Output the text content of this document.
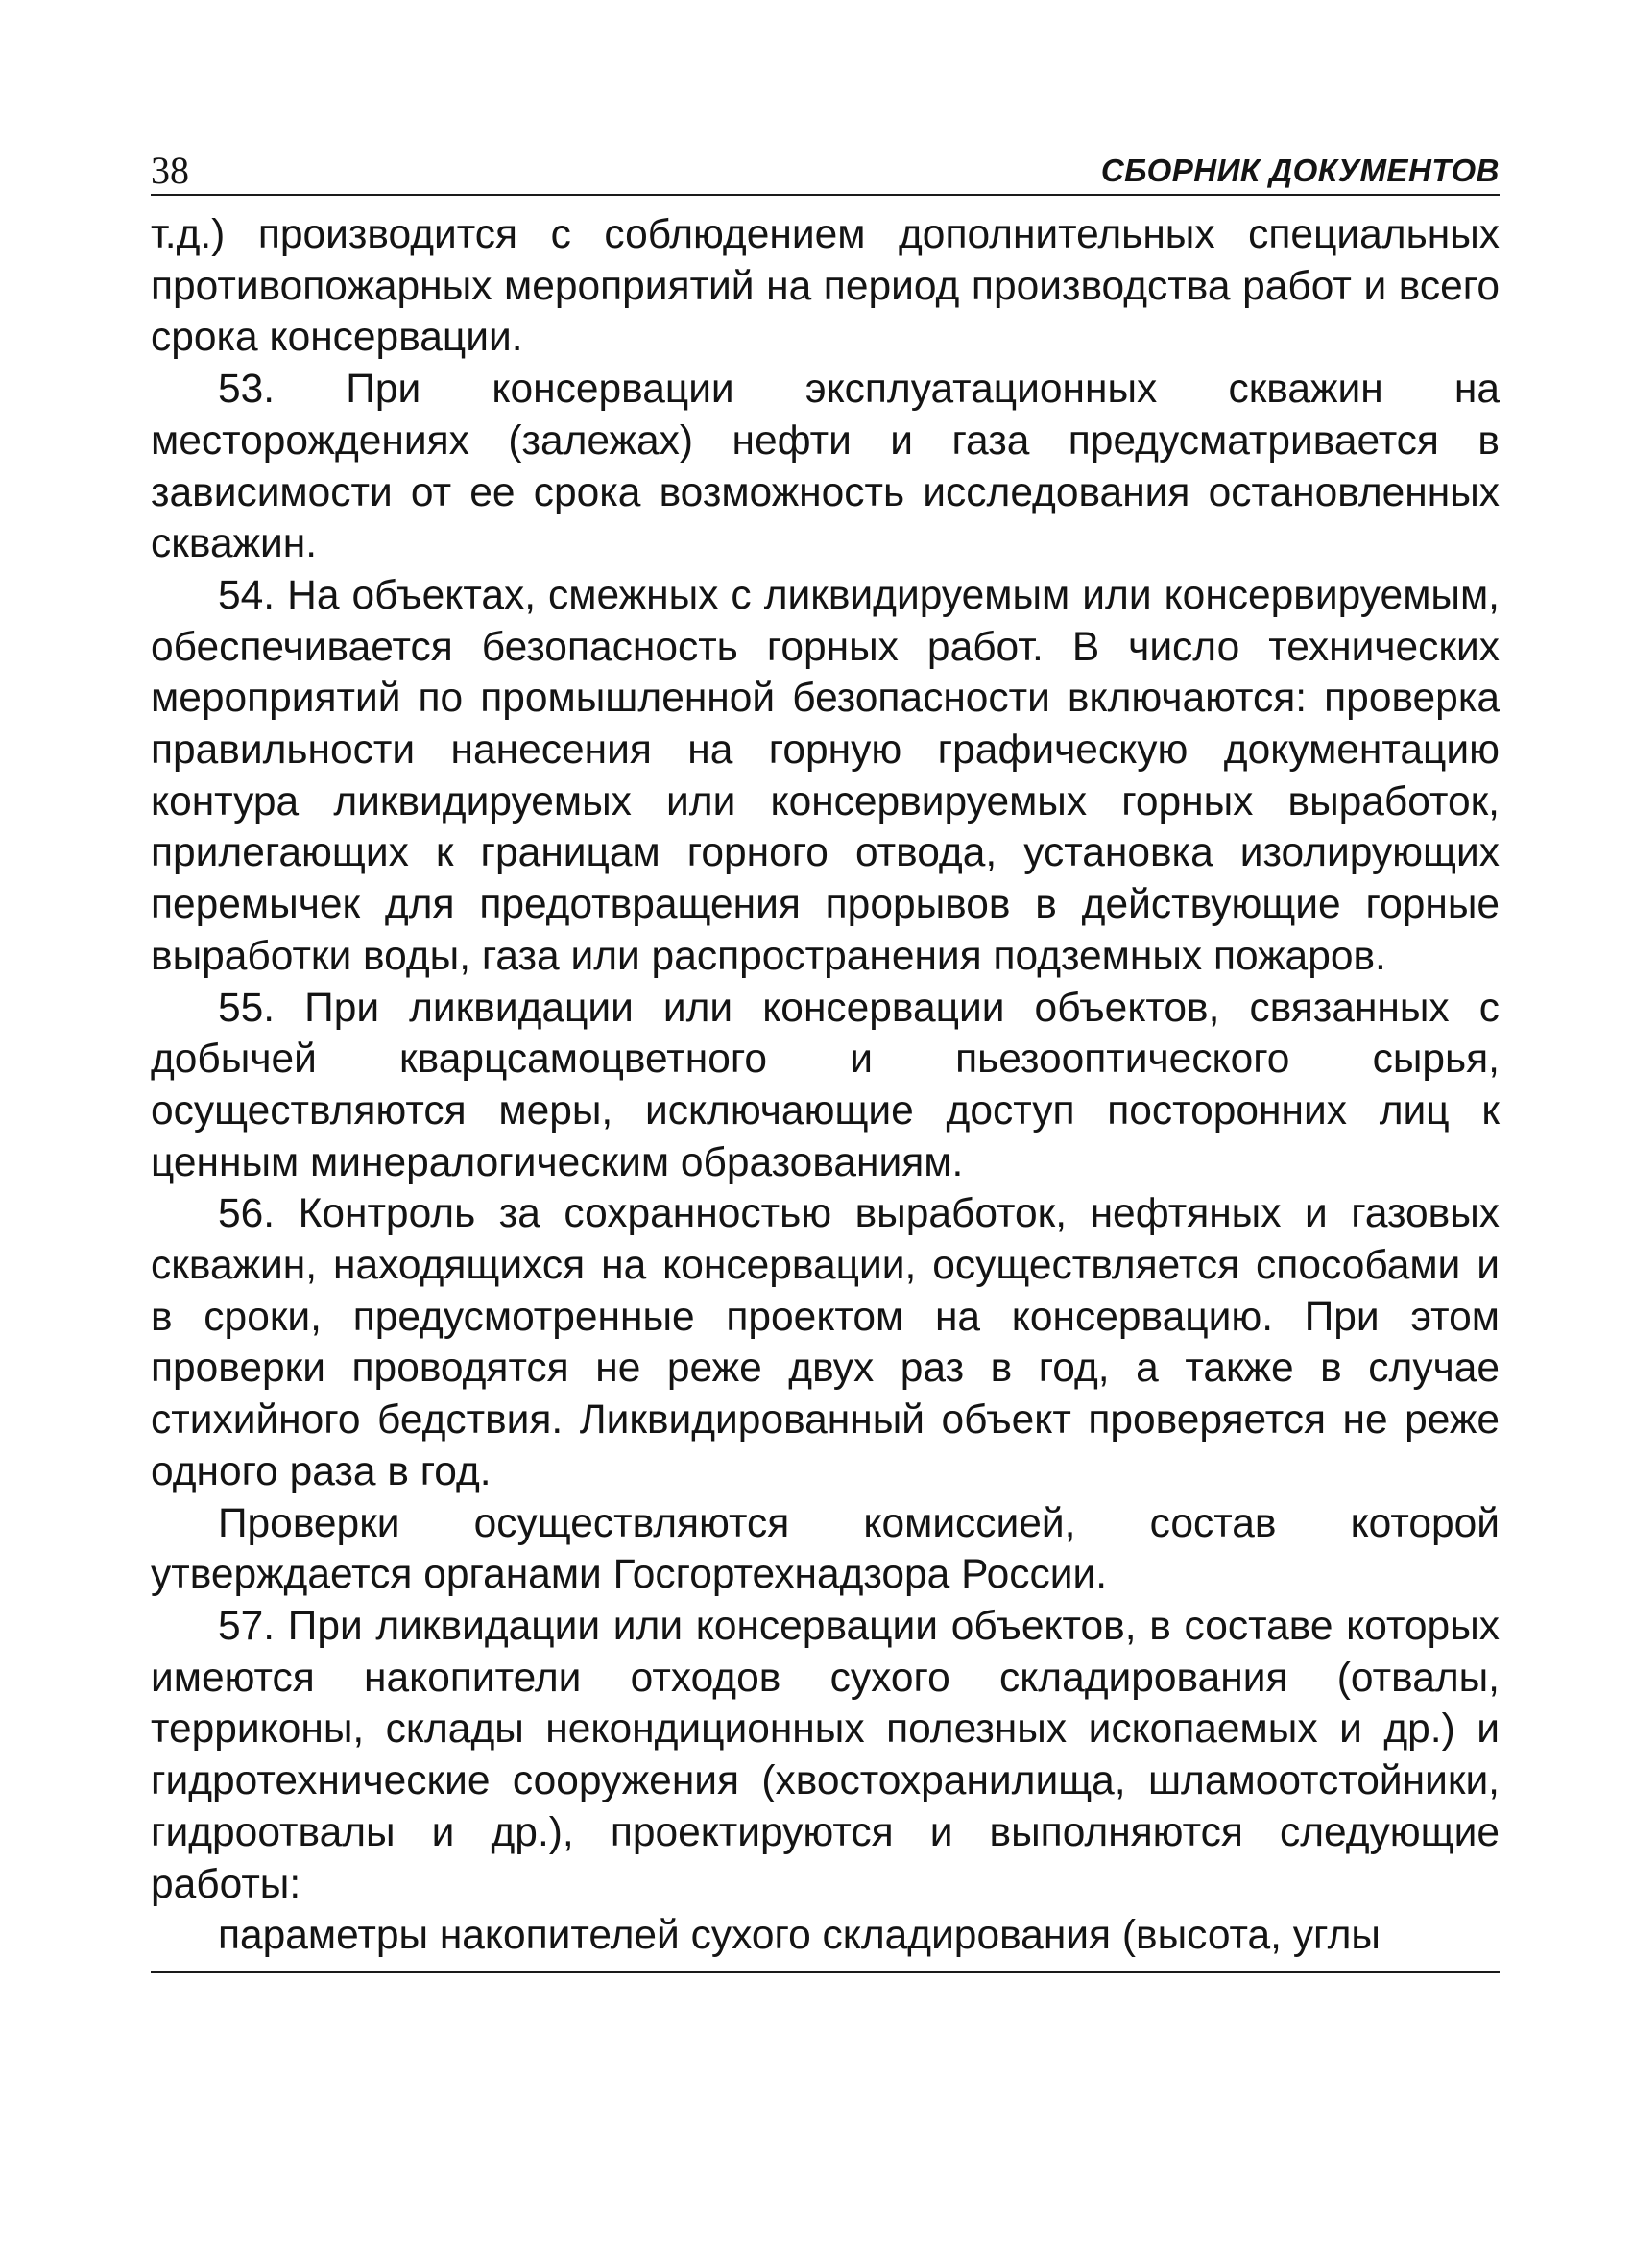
38	СБОРНИК ДОКУМЕНТОВ

т.д.) производится с соблюдением дополнительных специальных противопожарных мероприятий на период производства работ и всего срока консервации.

53. При консервации эксплуатационных скважин на месторождениях (залежах) нефти и газа предусматривается в зависимости от ее срока возможность исследования остановленных скважин.

54. На объектах, смежных с ликвидируемым или консервируемым, обеспечивается безопасность горных работ. В число технических мероприятий по промышленной безопасности включаются: проверка правильности нанесения на горную графическую документацию контура ликвидируемых или консервируемых горных выработок, прилегающих к границам горного отвода, установка изолирующих перемычек для предотвращения прорывов в действующие горные выработки воды, газа или распространения подземных пожаров.

55. При ликвидации или консервации объектов, связанных с добычей кварцсамоцветного и пьезооптического сырья, осуществляются меры, исключающие доступ посторонних лиц к ценным минералогическим образованиям.

56. Контроль за сохранностью выработок, нефтяных и газовых скважин, находящихся на консервации, осуществляется способами и в сроки, предусмотренные проектом на консервацию. При этом проверки проводятся не реже двух раз в год, а также в случае стихийного бедствия. Ликвидированный объект проверяется не реже одного раза в год.

Проверки осуществляются комиссией, состав которой утверждается органами Госгортехнадзора России.

57. При ликвидации или консервации объектов, в составе которых имеются накопители отходов сухого складирования (отвалы, терриконы, склады некондиционных полезных ископаемых и др.) и гидротехнические сооружения (хвостохранилища, шламоотстойники, гидроотвалы и др.), проектируются и выполняются следующие работы:

параметры накопителей сухого складирования (высота, углы
